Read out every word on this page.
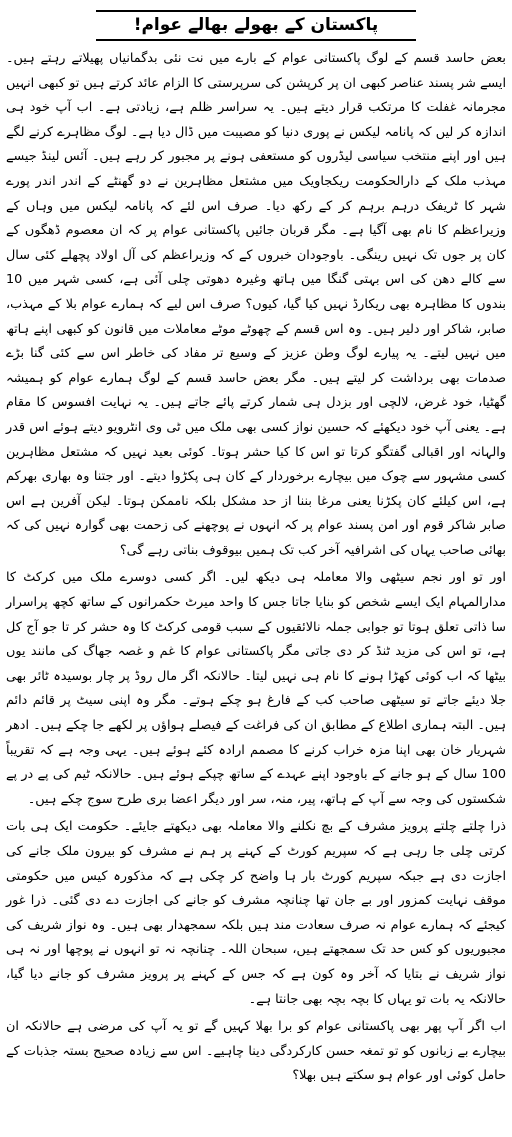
پاکستان کے بھولے بھالے عوام!

بعض حاسد قسم کے لوگ پاکستانی عوام کے بارے میں نت نئی بدگمانیاں پھیلاتے رہتے ہیں۔ ایسے شر پسند عناصر کبھی ان پر کرپشن کی سرپرستی کا الزام عائد کرتے ہیں تو کبھی انہیں مجرمانہ غفلت کا مرتکب قرار دیتے ہیں۔ یہ سراسر ظلم ہے، زیادتی ہے۔ اب آپ خود ہی اندازہ کر لیں کہ پانامہ لیکس نے پوری دنیا کو مصیبت میں ڈال دیا ہے۔ لوگ مظاہرے کرنے لگے ہیں اور اپنے منتخب سیاسی لیڈروں کو مستعفی ہونے پر مجبور کر رہے ہیں۔ آئس لینڈ جیسے مہذب ملک کے دارالحکومت ریکجاویک میں مشتعل مظاہرین نے دو گھنٹے کے اندر اندر پورے شہر کا ٹریفک درہم برہم کر کے رکھ دیا۔ صرف اس لئے کہ پانامہ لیکس میں وہاں کے وزیراعظم کا نام بھی آگیا ہے۔ مگر قربان جائیں پاکستانی عوام پر کہ ان معصوم ڈھگوں کے کان پر جوں تک نہیں رینگی۔ باوجودان خبروں کے کہ وزیراعظم کی آل اولاد پچھلے کئی سال سے کالے دھن کی اس بہتی گنگا میں ہاتھ وغیرہ دھوتی چلی آئی ہے، کسی شہر میں 10 بندوں کا مظاہرہ بھی ریکارڈ نہیں کیا گیا، کیوں؟ صرف اس لیے کہ ہمارے عوام بلا کے مہذب، صابر، شاکر اور دلیر ہیں۔ وہ اس قسم کے چھوٹے موٹے معاملات میں قانون کو کبھی اپنے ہاتھ میں نہیں لیتے۔ یہ پیارے لوگ وطن عزیز کے وسیع تر مفاد کی خاطر اس سے کئی گنا بڑے صدمات بھی برداشت کر لیتے ہیں۔ مگر بعض حاسد قسم کے لوگ ہمارے عوام کو ہمیشہ گھٹیا، خود غرض، لالچی اور بزدل ہی شمار کرتے پائے جاتے ہیں۔ یہ نہایت افسوس کا مقام ہے۔ یعنی آپ خود دیکھئے کہ حسین نواز کسی بھی ملک میں ٹی وی انٹرویو دیتے ہوئے اس قدر والہانہ اور اقبالی گفتگو کرتا تو اس کا کیا حشر ہوتا۔ کوئی بعید نہیں کہ مشتعل مظاہرین کسی مشہور سے چوک میں بیچارے برخوردار کے کان ہی پکڑوا دیتے۔ اور جتنا وہ بھاری بھرکم ہے، اس کیلئے کان پکڑنا یعنی مرغا بننا از حد مشکل بلکہ ناممکن ہوتا۔ لیکن آفرین ہے اس صابر شاکر قوم اور امن پسند عوام پر کہ انہوں نے پوچھنے کی زحمت بھی گوارہ نہیں کی کہ بھائی صاحب یہاں کی اشرافیہ آخر کب تک ہمیں بیوقوف بناتی رہے گی؟

اور تو اور نجم سیٹھی والا معاملہ ہی دیکھ لیں۔ اگر کسی دوسرے ملک میں کرکٹ کا مدارالمہام ایک ایسے شخص کو بنایا جاتا جس کا واحد میرٹ حکمرانوں کے ساتھ کچھ پراسرار سا ذاتی تعلق ہوتا تو جوابی جملہ نالائقیوں کے سبب قومی کرکٹ کا وہ حشر کر تا جو آج کل ہے، تو اس کی مزید ٹنڈ کر دی جاتی مگر پاکستانی عوام کا غم و غصہ جھاگ کی مانند یوں بیٹھا کہ اب کوئی کھڑا ہونے کا نام ہی نہیں لیتا۔ حالانکہ اگر مال روڈ پر چار بوسیدہ ٹائر بھی جلا دیئے جاتے تو سیٹھی صاحب کب کے فارغ ہو چکے ہوتے۔ مگر وہ اپنی سیٹ پر قائم دائم ہیں۔ البتہ ہماری اطلاع کے مطابق ان کی فراغت کے فیصلے ہواؤں پر لکھے جا چکے ہیں۔ ادھر شہریار خان بھی اپنا مزہ خراب کرنے کا مصمم ارادہ کئے ہوئے ہیں۔ یہی وجہ ہے کہ تقریباً 100 سال کے ہو جانے کے باوجود اپنے عہدے کے ساتھ چپکے ہوئے ہیں۔ حالانکہ ٹیم کی پے در پے شکستوں کی وجہ سے آپ کے ہاتھ، پیر، منہ، سر اور دیگر اعضا بری طرح سوج چکے ہیں۔

ذرا چلتے چلتے پرویز مشرف کے بچ نکلنے والا معاملہ بھی دیکھتے جایئے۔ حکومت ایک ہی بات کرتی چلی جا رہی ہے کہ سپریم کورٹ کے کہنے پر ہم نے مشرف کو بیرون ملک جانے کی اجازت دی ہے جبکہ سپریم کورٹ بار ہا واضح کر چکی ہے کہ مذکورہ کیس میں حکومتی موقف نہایت کمزور اور بے جان تھا چنانچہ مشرف کو جانے کی اجازت دے دی گئی۔ ذرا غور کیجئے کہ ہمارے عوام نہ صرف سعادت مند ہیں بلکہ سمجھدار بھی ہیں۔ وہ نواز شریف کی مجبوریوں کو کس حد تک سمجھتے ہیں، سبحان اللہ۔ چنانچہ نہ تو انہوں نے پوچھا اور نہ ہی نواز شریف نے بتایا کہ آخر وہ کون ہے کہ جس کے کہنے پر پرویز مشرف کو جانے دیا گیا، حالانکہ یہ بات تو یہاں کا بچہ بچہ بھی جانتا ہے۔

اب اگر آپ پھر بھی پاکستانی عوام کو برا بھلا کہیں گے تو یہ آپ کی مرضی ہے حالانکہ ان بیچارے بے زبانوں کو تو تمغہ حسن کارکردگی دینا چاہیے۔ اس سے زیادہ صحیح بستہ جذبات کے حامل کوئی اور عوام ہو سکتے ہیں بھلا؟
